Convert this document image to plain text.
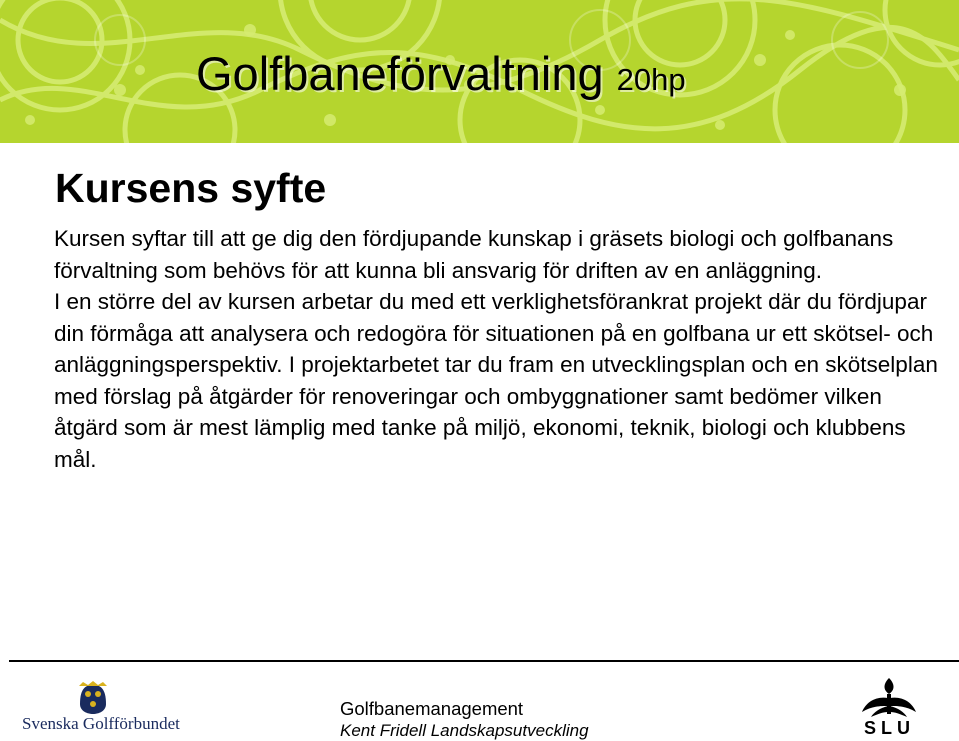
Golfbaneförvaltning 20hp
Kursens syfte

Kursen syftar till att ge dig den fördjupande kunskap i gräsets biologi och golfbanans förvaltning som behövs för att kunna bli ansvarig för driften av en anläggning.

I en större del av kursen arbetar du med ett verklighetsförankrat projekt där du fördjupar din förmåga att analysera och redogöra för situationen på en golfbana ur ett skötsel- och anläggningsperspektiv. I projektarbetet tar du fram en utvecklingsplan och en skötselplan med förslag på åtgärder för renoveringar och ombyggnationer samt bedömer vilken åtgärd som är mest lämplig med tanke på miljö, ekonomi, teknik, biologi och klubbens mål.

Svenska Golfförbundet
Golfbanemanagement
Kent Fridell Landskapsutveckling	SLU
